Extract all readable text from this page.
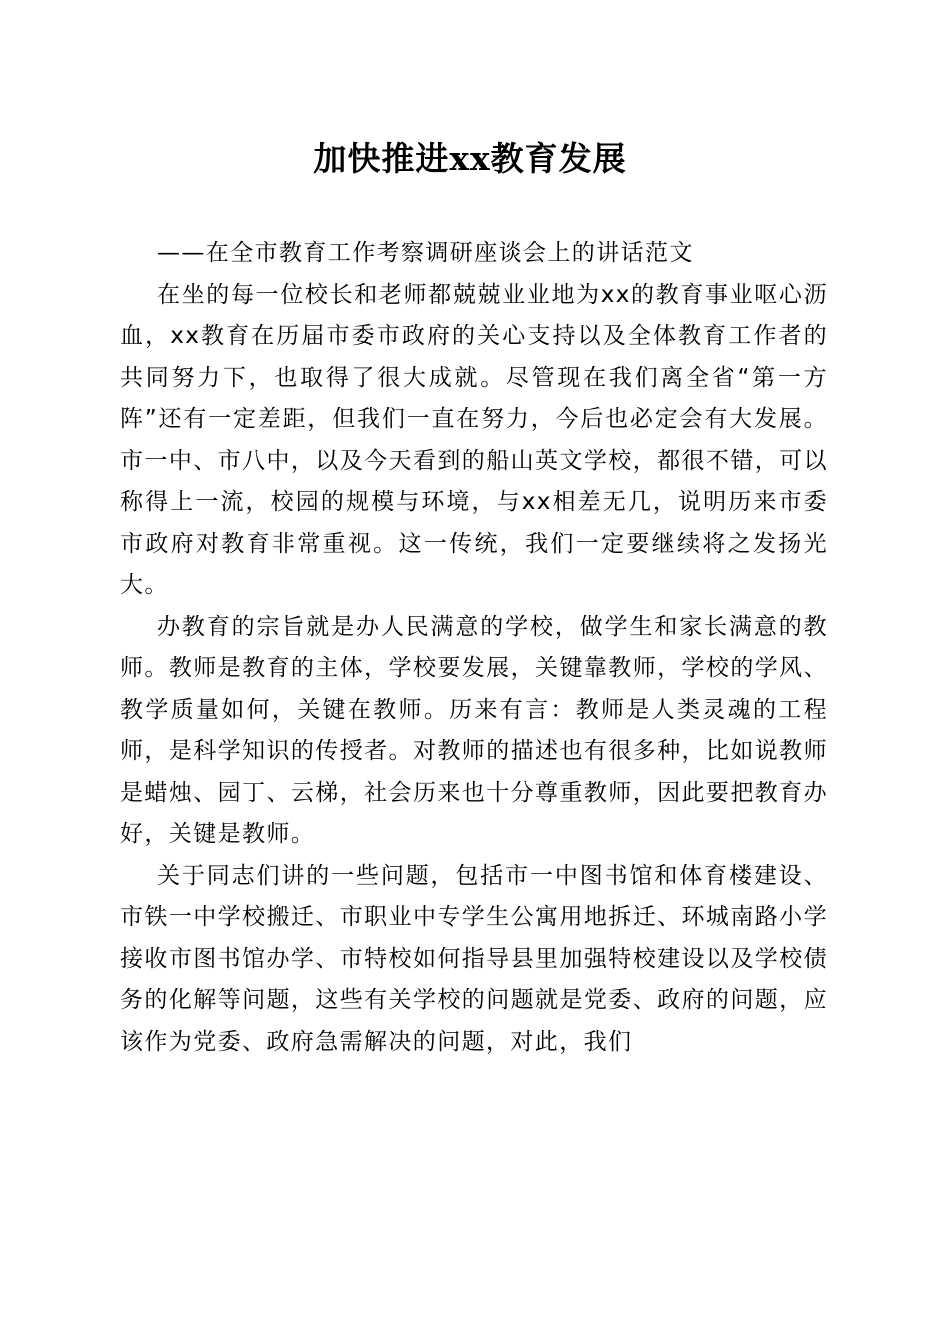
加快推进xx教育发展

——在全市教育工作考察调研座谈会上的讲话范文

在坐的每一位校长和老师都兢兢业业地为xx的教育事业呕心沥血，xx教育在历届市委市政府的关心支持以及全体教育工作者的共同努力下，也取得了很大成就。尽管现在我们离全省“第一方阵”还有一定差距，但我们一直在努力，今后也必定会有大发展。市一中、市八中，以及今天看到的船山英文学校，都很不错，可以称得上一流，校园的规模与环境，与xx相差无几，说明历来市委市政府对教育非常重视。这一传统，我们一定要继续将之发扬光大。

办教育的宗旨就是办人民满意的学校，做学生和家长满意的教师。教师是教育的主体，学校要发展，关键靠教师，学校的学风、教学质量如何，关键在教师。历来有言：教师是人类灵魂的工程师，是科学知识的传授者。对教师的描述也有很多种，比如说教师是蜡烛、园丁、云梯，社会历来也十分尊重教师，因此要把教育办好，关键是教师。

关于同志们讲的一些问题，包括市一中图书馆和体育楼建设、市铁一中学校搬迁、市职业中专学生公寓用地拆迁、环城南路小学接收市图书馆办学、市特校如何指导县里加强特校建设以及学校债务的化解等问题，这些有关学校的问题就是党委、政府的问题，应该作为党委、政府急需解决的问题，对此，我们
